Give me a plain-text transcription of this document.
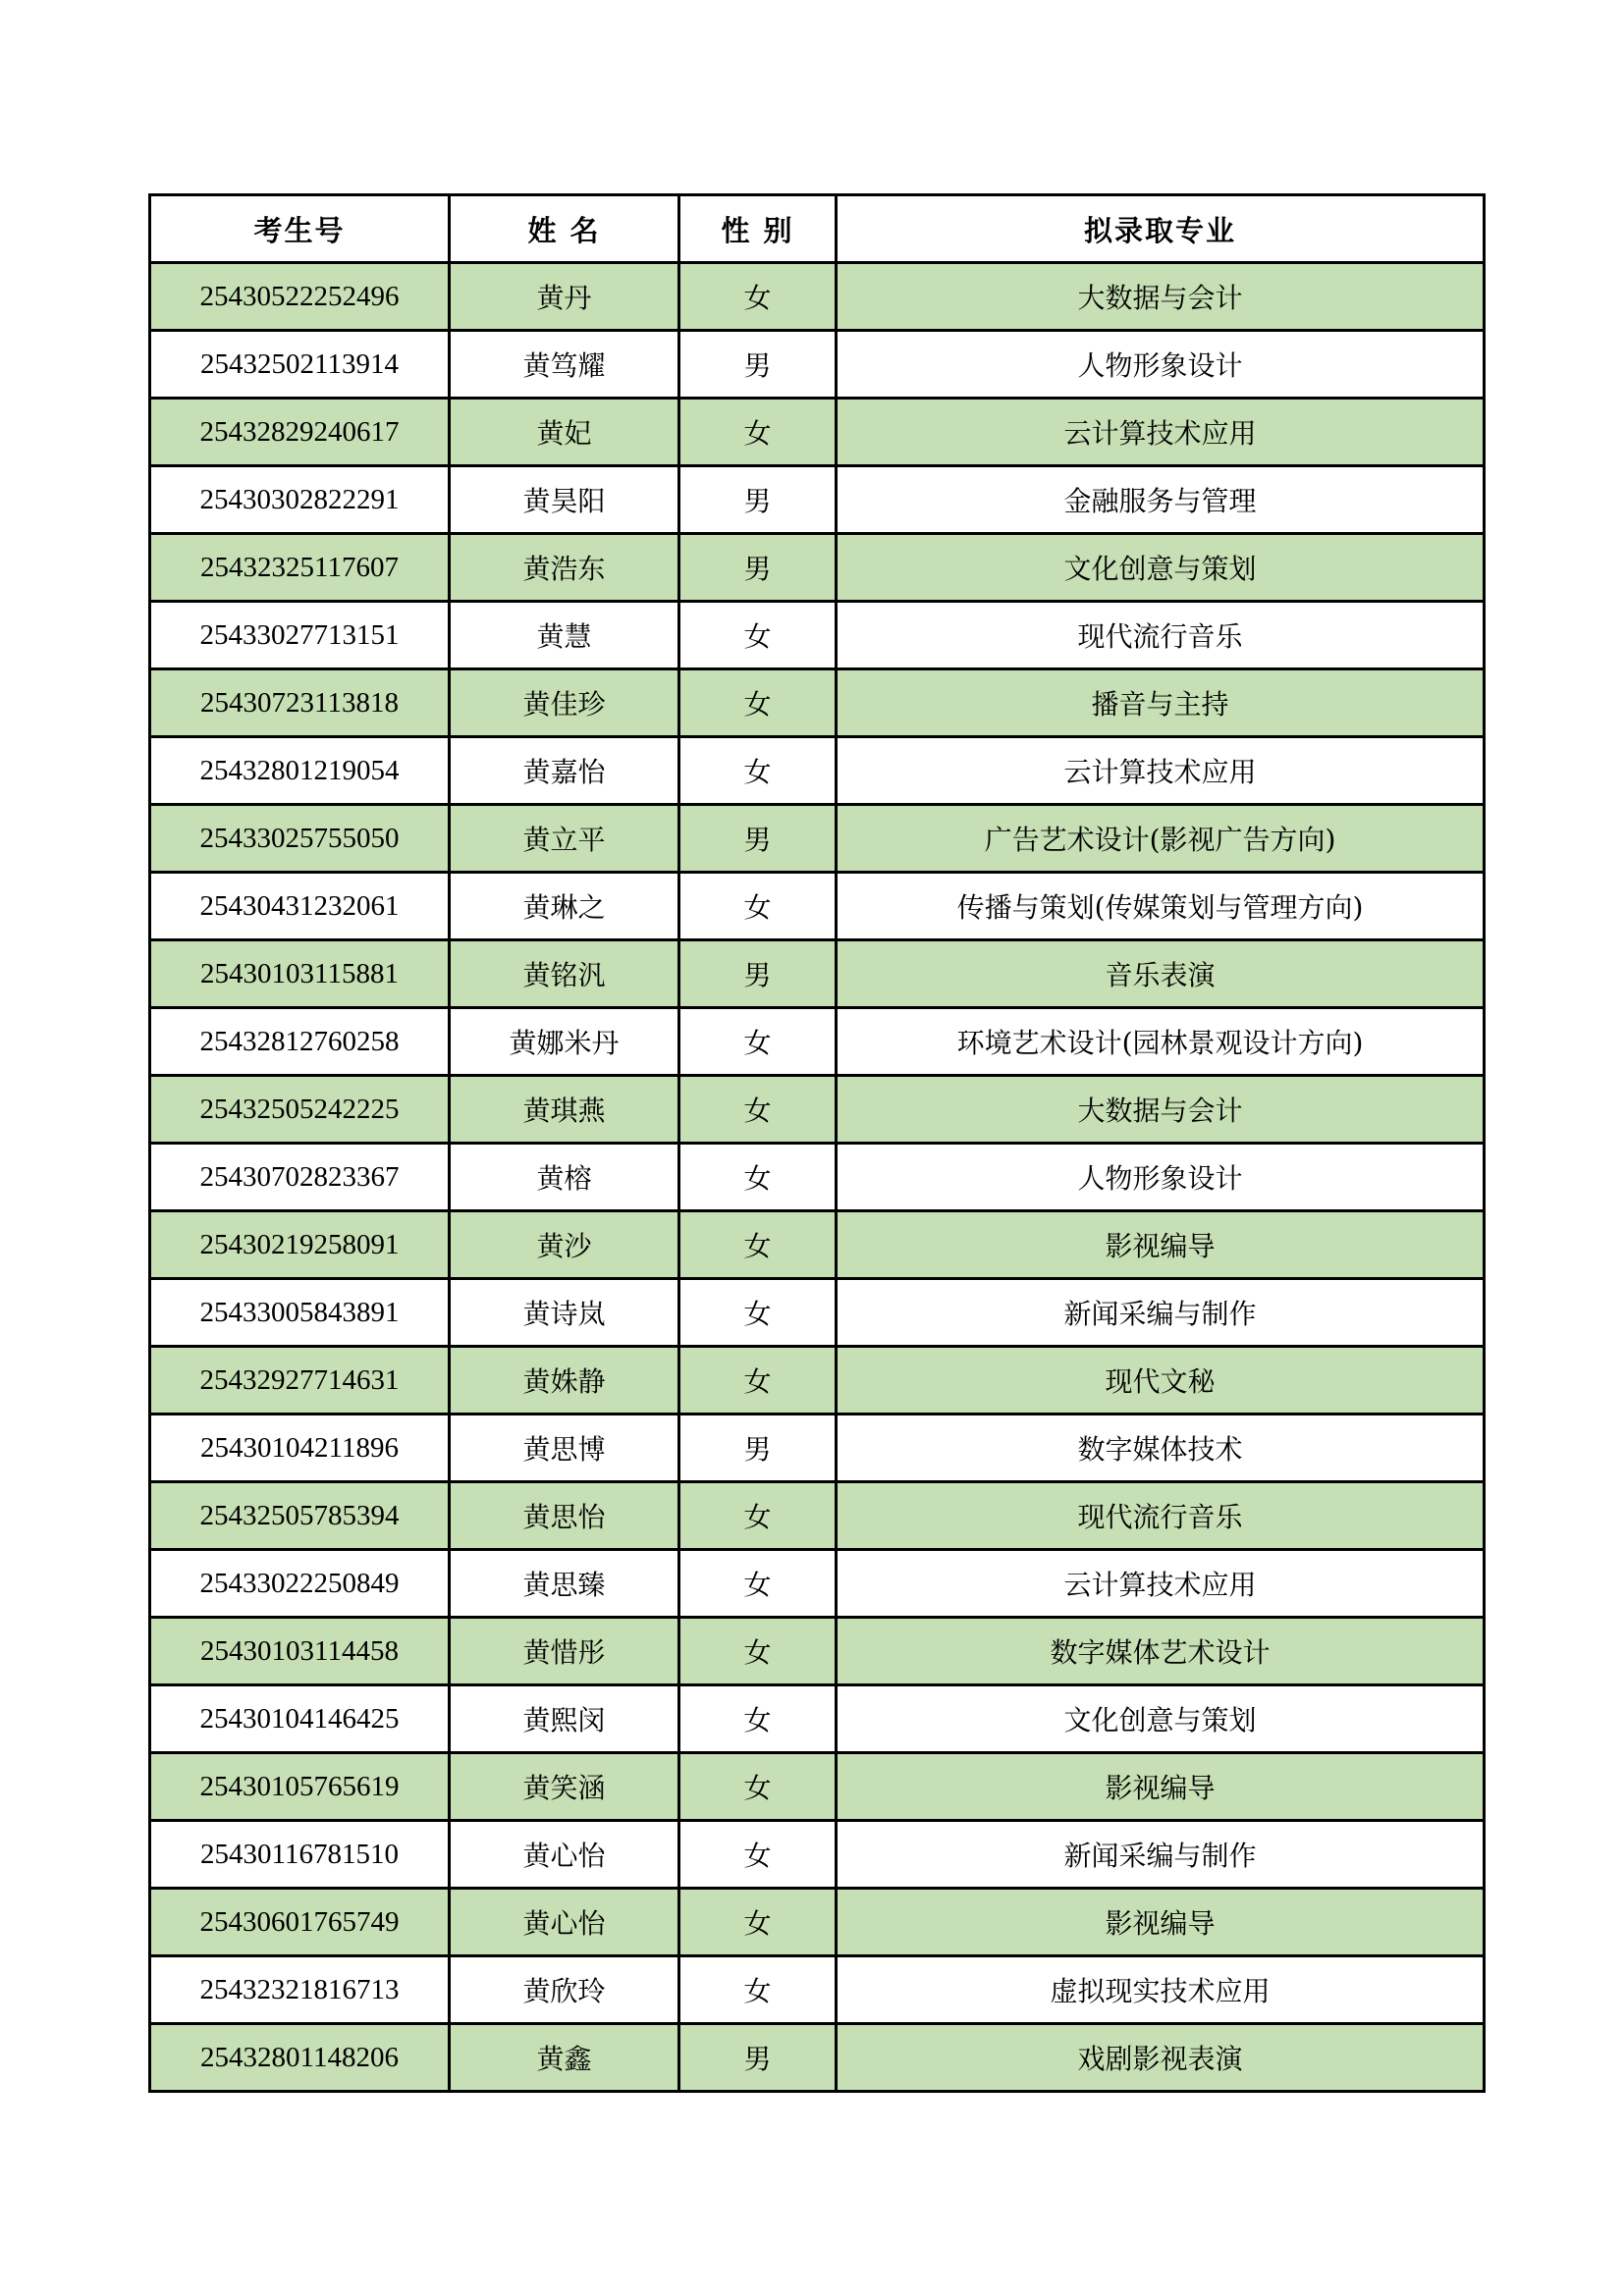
考生号	姓 名	性 别	拟录取专业
25430522252496	黄丹	女	大数据与会计
25432502113914	黄笃耀	男	人物形象设计
25432829240617	黄妃	女	云计算技术应用
25430302822291	黄昊阳	男	金融服务与管理
25432325117607	黄浩东	男	文化创意与策划
25433027713151	黄慧	女	现代流行音乐
25430723113818	黄佳珍	女	播音与主持
25432801219054	黄嘉怡	女	云计算技术应用
25433025755050	黄立平	男	广告艺术设计(影视广告方向)
25430431232061	黄琳之	女	传播与策划(传媒策划与管理方向)
25430103115881	黄铭汎	男	音乐表演
25432812760258	黄娜米丹	女	环境艺术设计(园林景观设计方向)
25432505242225	黄琪燕	女	大数据与会计
25430702823367	黄榕	女	人物形象设计
25430219258091	黄沙	女	影视编导
25433005843891	黄诗岚	女	新闻采编与制作
25432927714631	黄姝静	女	现代文秘
25430104211896	黄思博	男	数字媒体技术
25432505785394	黄思怡	女	现代流行音乐
25433022250849	黄思臻	女	云计算技术应用
25430103114458	黄惜彤	女	数字媒体艺术设计
25430104146425	黄熙闵	女	文化创意与策划
25430105765619	黄笑涵	女	影视编导
25430116781510	黄心怡	女	新闻采编与制作
25430601765749	黄心怡	女	影视编导
25432321816713	黄欣玲	女	虚拟现实技术应用
25432801148206	黄鑫	男	戏剧影视表演
